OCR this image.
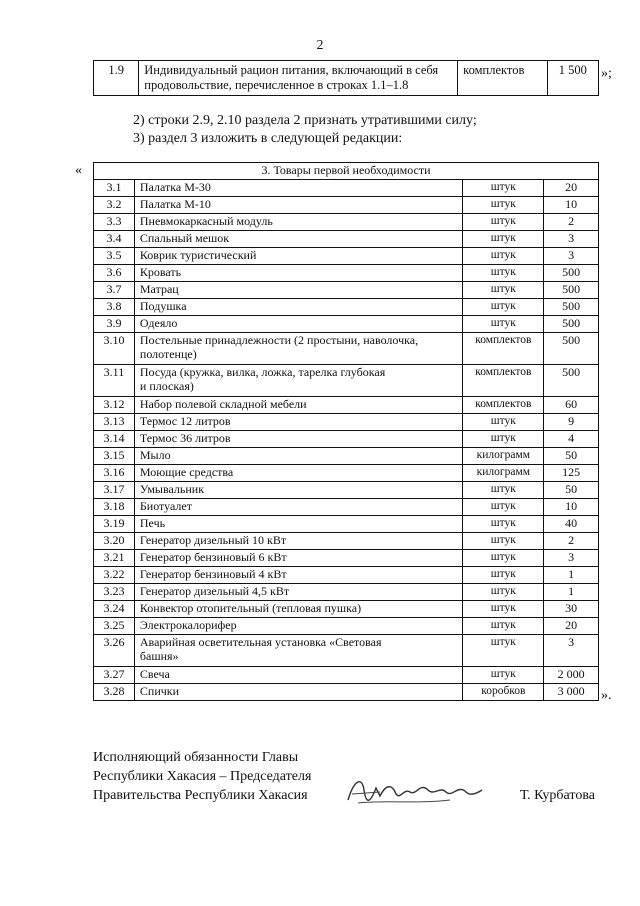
2
1.9	Индивидуальный рацион питания, включающий в себя
продовольствие, перечисленное в строках 1.1–1.8	комплектов	1 500 »;
2) строки 2.9, 2.10 раздела 2 признать утратившими силу;
3) раздел 3 изложить в следующей редакции:
«	3. Товары первой необходимости			
3.1	Палатка М-30	штук	20
3.2	Палатка М-10	штук	10
3.3	Пневмокаркасный модуль	штук	2
3.4	Спальный мешок	штук	3
3.5	Коврик туристический	штук	3
3.6	Кровать	штук	500
3.7	Матрац	штук	500
3.8	Подушка	штук	500
3.9	Одеяло	штук	500
3.10	Постельные принадлежности (2 простыни, наволочка,
полотенце)	комплектов	500
3.11	Посуда (кружка, вилка, ложка, тарелка глубокая
и плоская)	комплектов	500
3.12	Набор полевой складной мебели	комплектов	60
3.13	Термос 12 литров	штук	9
3.14	Термос 36 литров	штук	4
3.15	Мыло	килограмм	50
3.16	Моющие средства	килограмм	125
3.17	Умывальник	штук	50
3.18	Биотуалет	штук	10
3.19	Печь	штук	40
3.20	Генератор дизельный 10 кВт	штук	2
3.21	Генератор бензиновый 6 кВт	штук	3
3.22	Генератор бензиновый 4 кВт	штук	1
3.23	Генератор дизельный 4,5 кВт	штук	1
3.24	Конвектор отопительный (тепловая пушка)	штук	30
3.25	Электрокалорифер	штук	20
3.26	Аварийная осветительная установка «Световая
башня»	штук	3
3.27	Свеча	штук	2 000
3.28	Спички	коробков	3 000 ».
Исполняющий обязанности Главы
Республики Хакасия – Председателя
Правительства Республики Хакасия	Т. Курбатова
